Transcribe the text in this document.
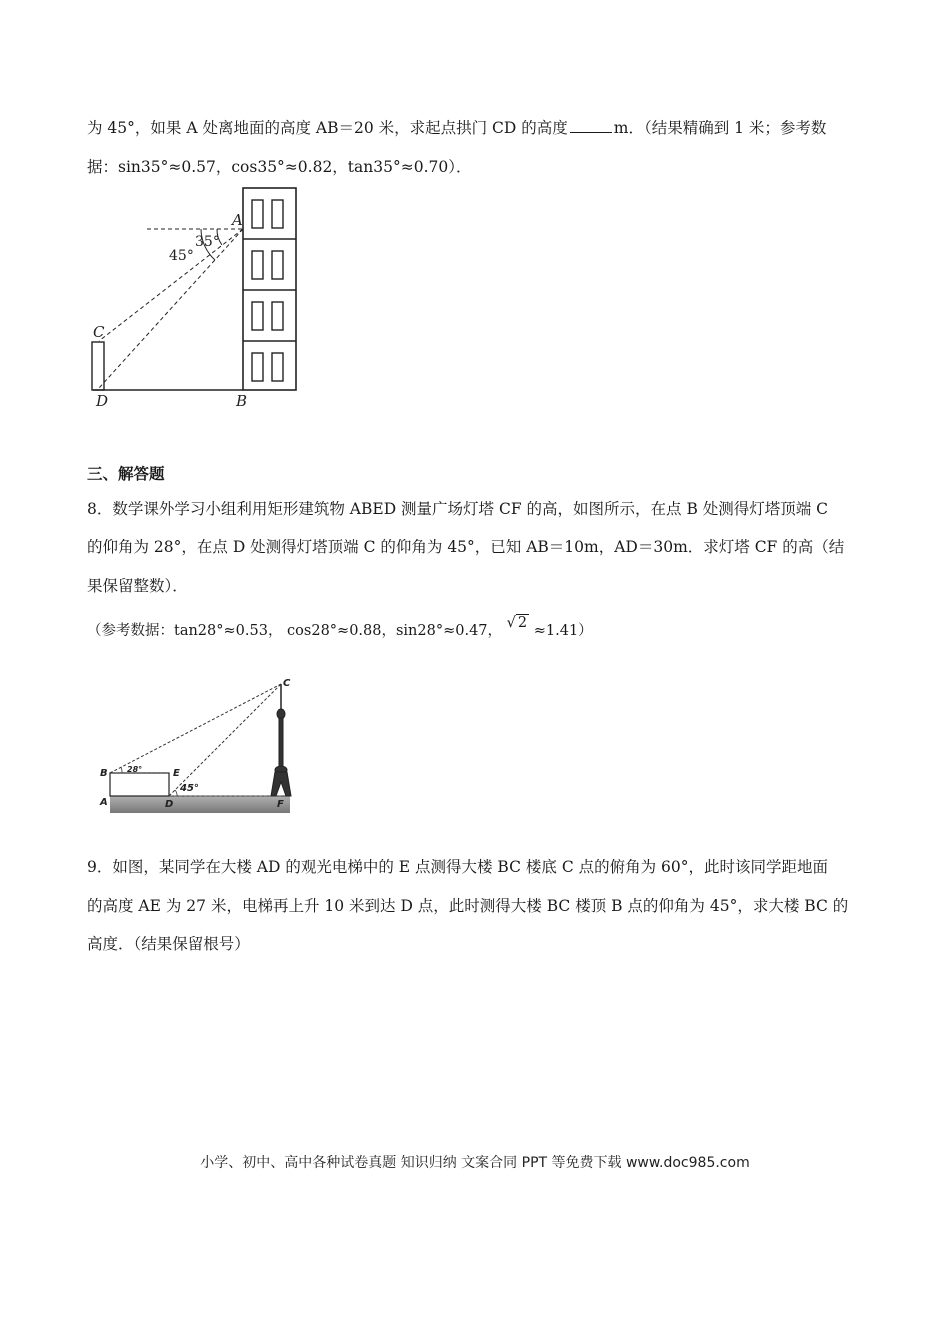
为 45°，如果 A 处离地面的高度 AB＝20 米，求起点拱门 CD 的高度	m．（结果精确到 1 米；参考数
据：sin35°≈0.57，cos35°≈0.82，tan35°≈0.70）．
A
35°
45°
C
D	B
三、解答题
8．数学课外学习小组利用矩形建筑物 ABED 测量广场灯塔 CF 的高，如图所示，在点 B 处测得灯塔顶端 C
的仰角为 28°，在点 D 处测得灯塔顶端 C 的仰角为 45°，已知 AB＝10m，AD＝30m．求灯塔 CF 的高（结
果保留整数）．
（参考数据：tan28°≈0.53， cos28°≈0.88，sin28°≈0.47， √ 2 ≈1.41）
28°
45°
B	E
A	D
C
F
9．如图，某同学在大楼 AD 的观光电梯中的 E 点测得大楼 BC 楼底 C 点的俯角为 60°，此时该同学距地面
的高度 AE 为 27 米，电梯再上升 10 米到达 D 点，此时测得大楼 BC 楼顶 B 点的仰角为 45°，求大楼 BC 的
高度．（结果保留根号）
小学、初中、高中各种试卷真题 知识归纳 文案合同 PPT 等免费下载 www.doc985.com
